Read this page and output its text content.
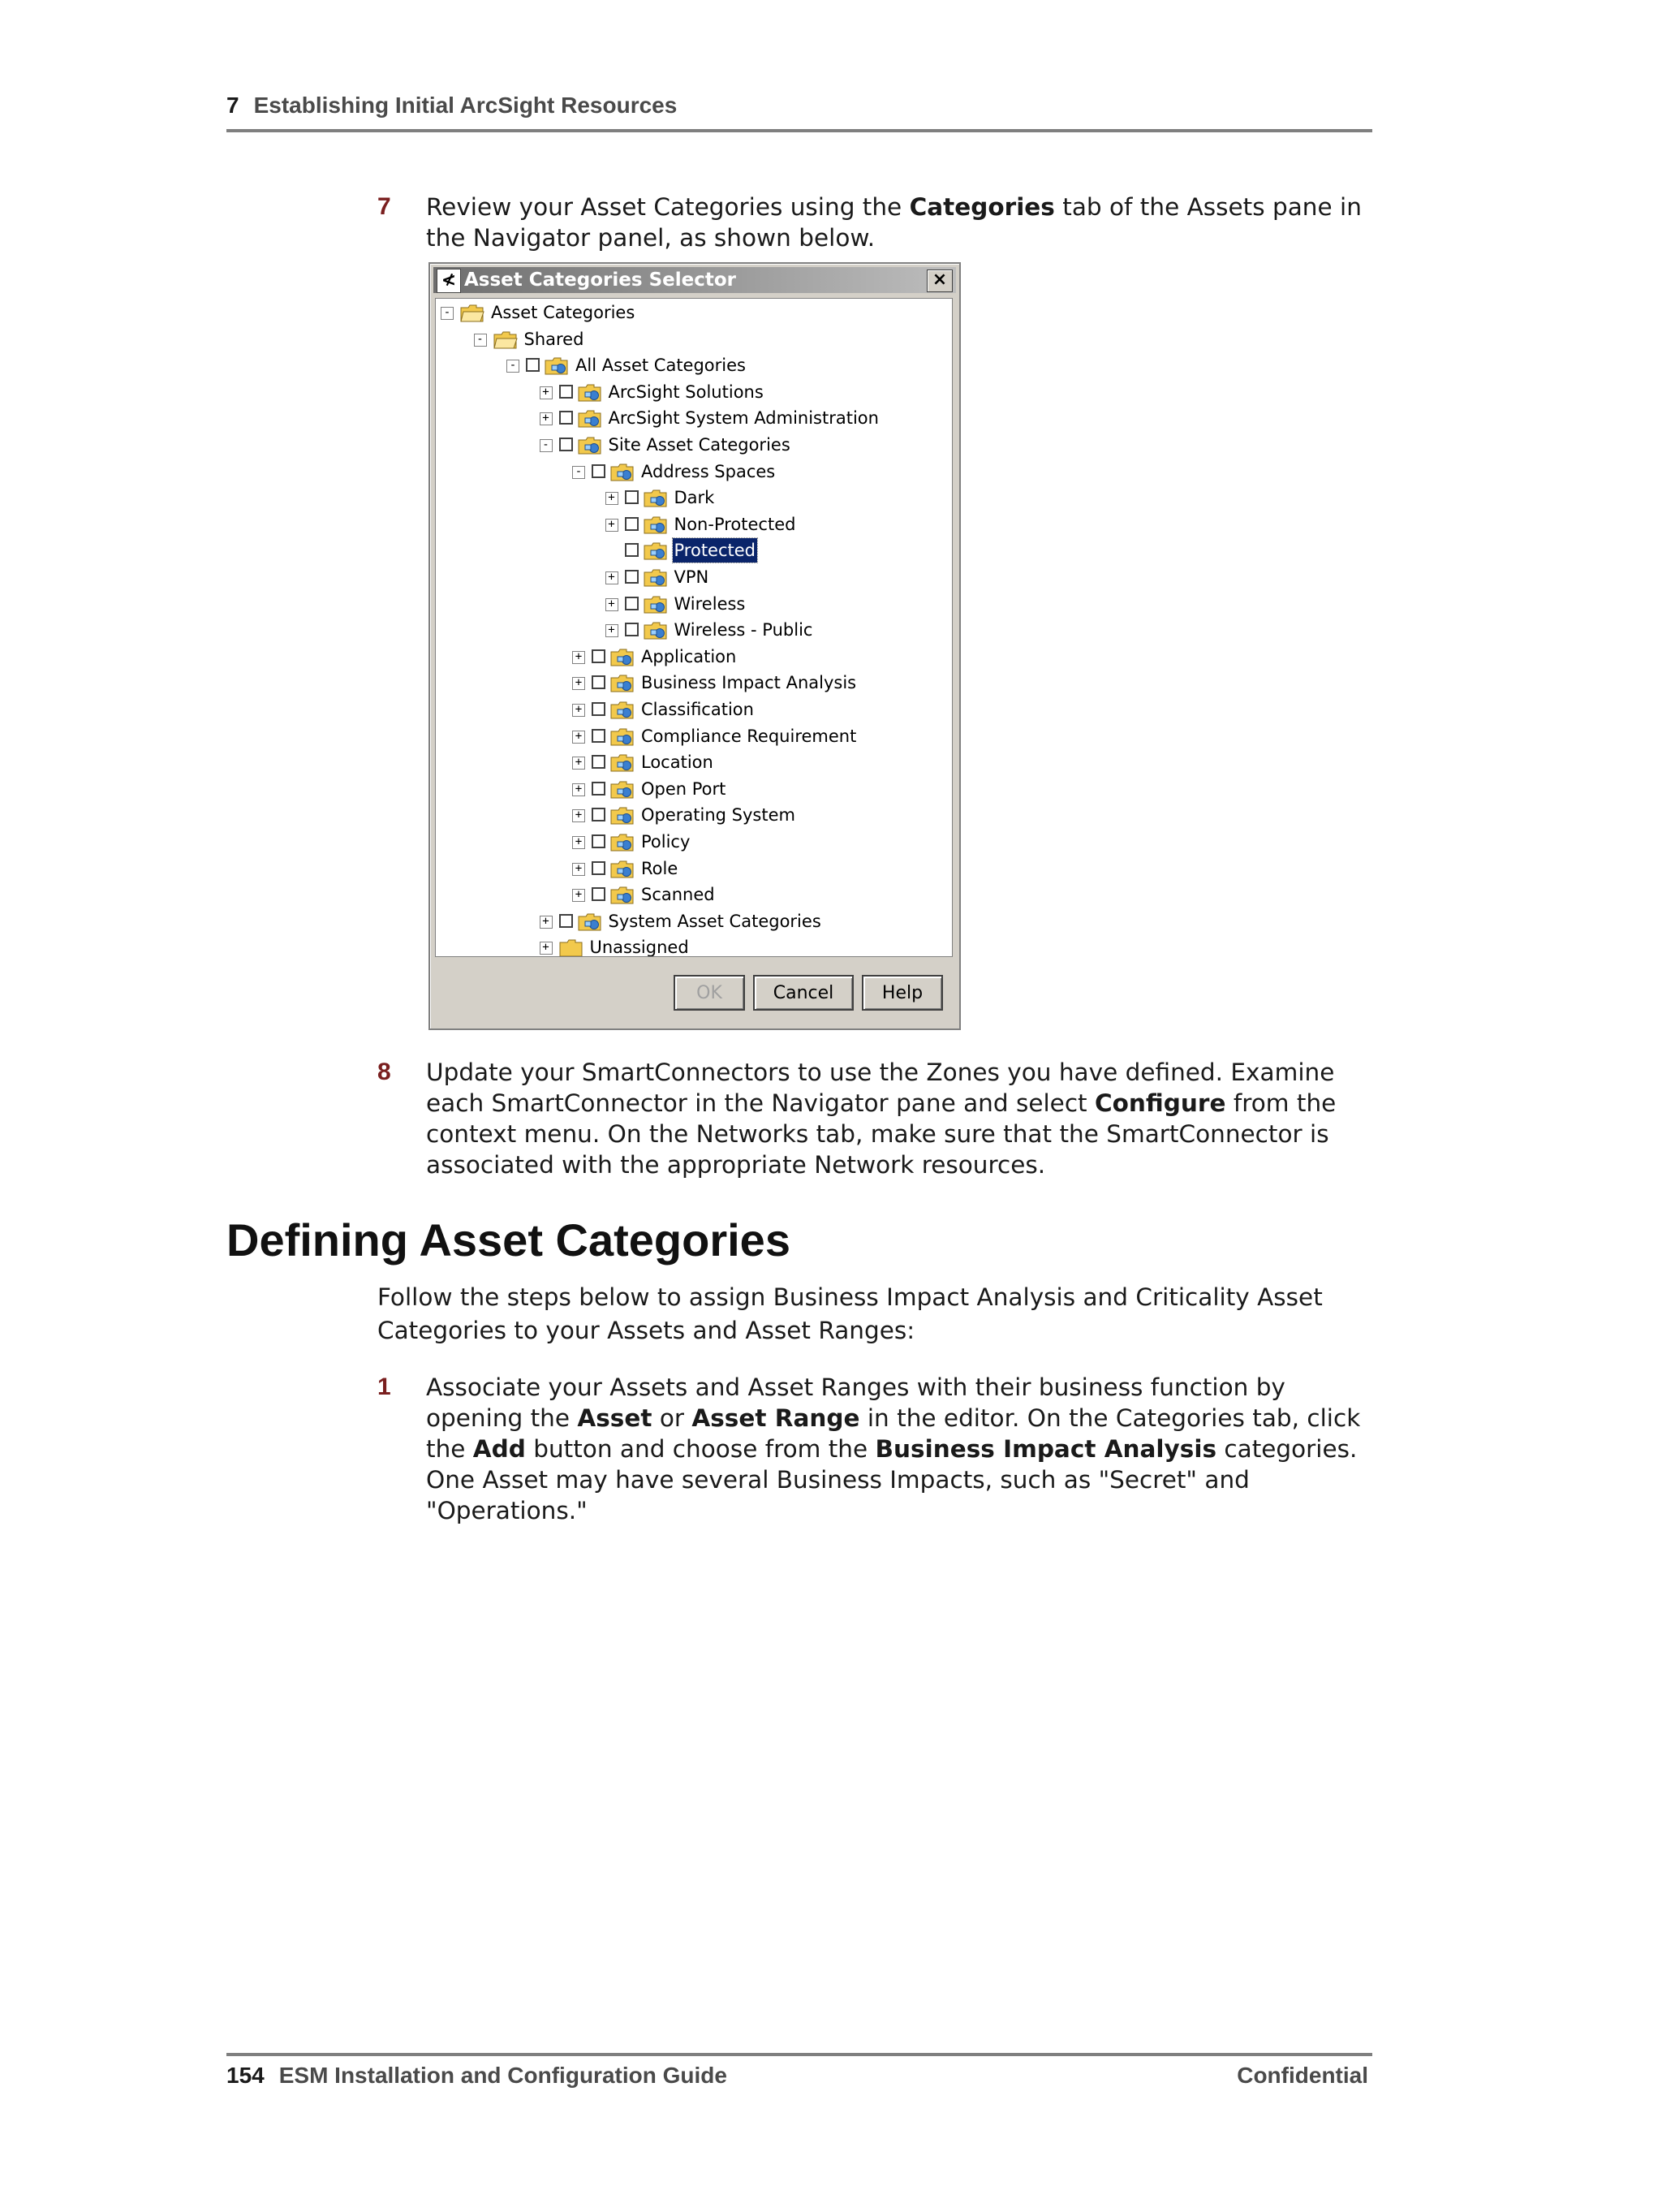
7 Establishing Initial ArcSight Resources
7 Review your Asset Categories using the Categories tab of the Assets pane in the Navigator panel, as shown below.
≮ Asset Categories Selector	×
- Asset Categories
- Shared
-	All Asset Categories
+	ArcSight Solutions
+	ArcSight System Administration
-	Site Asset Categories
-	Address Spaces
+	Dark
+	Non-Protected
Protected
+	VPN
+	Wireless
+	Wireless - Public
+	Application
+	Business Impact Analysis
+	Classification
+	Compliance Requirement
+	Location
+	Open Port
+	Operating System
+	Policy
+	Role
+	Scanned
+	System Asset Categories
+ Unassigned
OK	Cancel	Help
8 Update your SmartConnectors to use the Zones you have defined. Examine each SmartConnector in the Navigator pane and select Configure from the context menu. On the Networks tab, make sure that the SmartConnector is associated with the appropriate Network resources.
Defining Asset Categories
Follow the steps below to assign Business Impact Analysis and Criticality Asset Categories to your Assets and Asset Ranges:
1 Associate your Assets and Asset Ranges with their business function by opening the Asset or Asset Range in the editor. On the Categories tab, click the Add button and choose from the Business Impact Analysis categories. One Asset may have several Business Impacts, such as "Secret" and "Operations."
154 ESM Installation and Configuration Guide	Confidential
